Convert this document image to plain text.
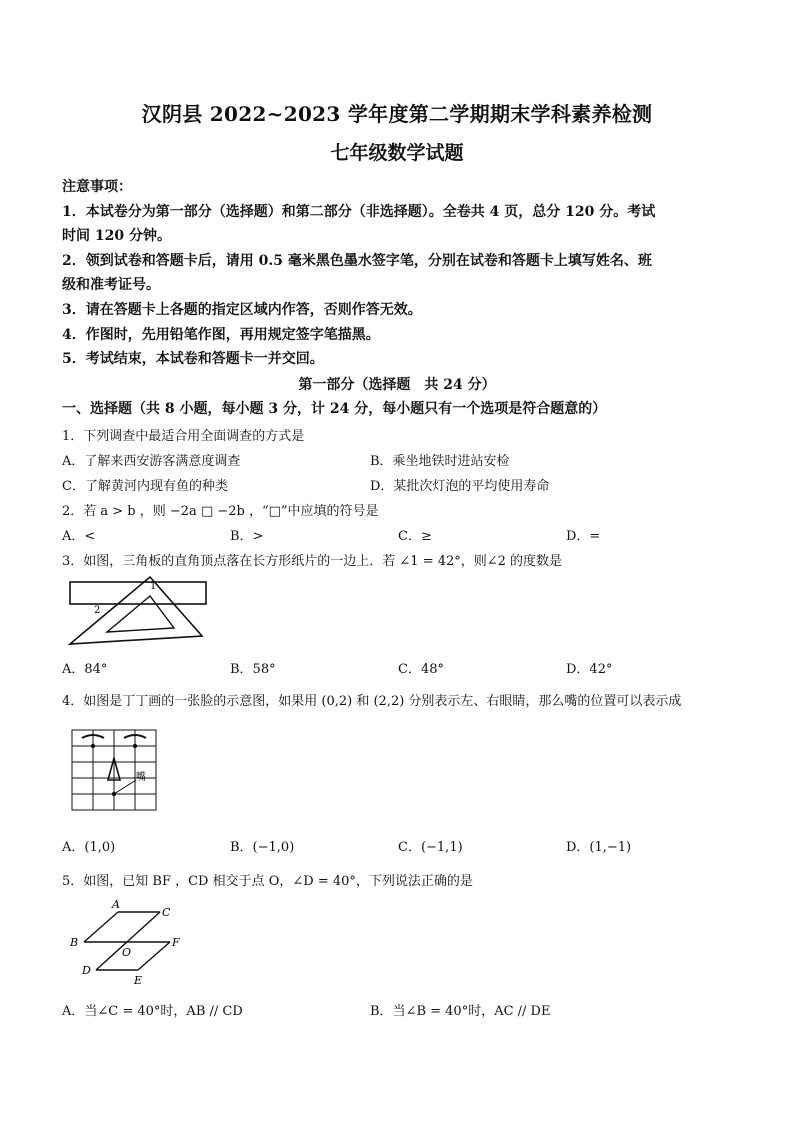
汉阴县 2022~2023 学年度第二学期期末学科素养检测
七年级数学试题
注意事项：
1．本试卷分为第一部分（选择题）和第二部分（非选择题）。全卷共 4 页，总分 120 分。考试
时间 120 分钟。
2．领到试卷和答题卡后，请用 0.5 毫米黑色墨水签字笔，分别在试卷和答题卡上填写姓名、班
级和准考证号。
3．请在答题卡上各题的指定区域内作答，否则作答无效。
4．作图时，先用铅笔作图，再用规定签字笔描黑。
5．考试结束，本试卷和答题卡一并交回。
第一部分（选择题　共 24 分）
一、选择题（共 8 小题，每小题 3 分，计 24 分，每小题只有一个选项是符合题意的）
1．下列调查中最适合用全面调查的方式是
A．了解来西安游客满意度调查	B．乘坐地铁时进站安检
C．了解黄河内现有鱼的种类	D．某批次灯泡的平均使用寿命
2．若 a > b ，则 −2a □ −2b ，“□”中应填的符号是
A．<	B．>	C．≥	D．=
3．如图，三角板的直角顶点落在长方形纸片的一边上．若 ∠1 = 42°，则∠2 的度数是
1
2
A．84°	B．58°	C．48°	D．42°
4．如图是丁丁画的一张脸的示意图，如果用 (0,2) 和 (2,2) 分别表示左、右眼睛，那么嘴的位置可以表示成
嘴
A．(1,0)	B．(−1,0)	C．(−1,1)	D．(1,−1)
5．如图，已知 BF ，CD 相交于点 O，∠D = 40°，下列说法正确的是
A
C
B
O
F
D
E
A．当∠C = 40°时，AB // CD	B．当∠B = 40°时，AC // DE
